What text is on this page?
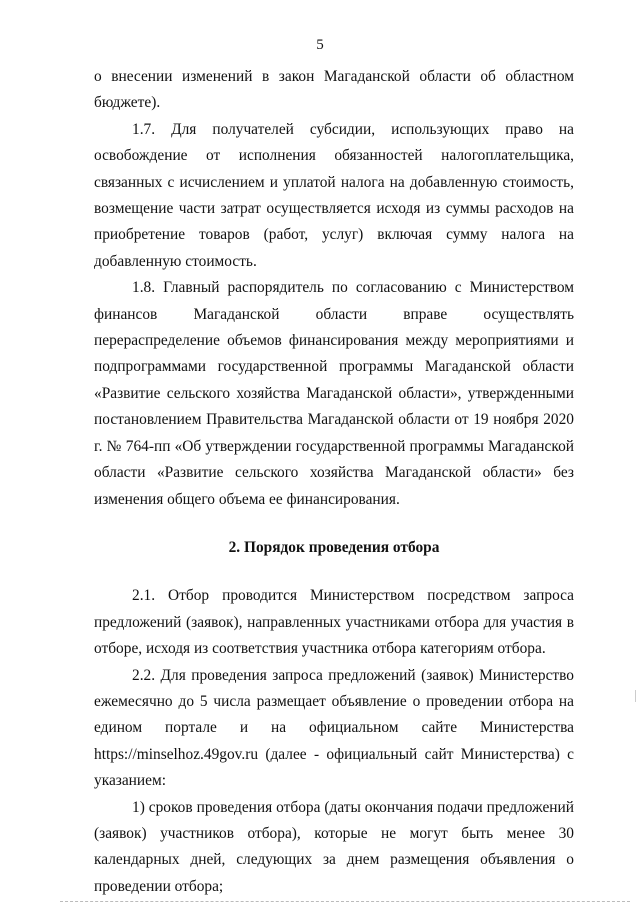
5

о внесении изменений в закон Магаданской области об областном бюджете).

1.7. Для получателей субсидии, использующих право на освобождение от исполнения обязанностей налогоплательщика, связанных с исчислением и уплатой налога на добавленную стоимость, возмещение части затрат осуществляется исходя из суммы расходов на приобретение товаров (работ, услуг) включая сумму налога на добавленную стоимость.

1.8. Главный распорядитель по согласованию с Министерством финансов Магаданской области вправе осуществлять перераспределение объемов финансирования между мероприятиями и подпрограммами государственной программы Магаданской области «Развитие сельского хозяйства Магаданской области», утвержденными постановлением Правительства Магаданской области от 19 ноября 2020 г. № 764-пп «Об утверждении государственной программы Магаданской области «Развитие сельского хозяйства Магаданской области» без изменения общего объема ее финансирования.

2. Порядок проведения отбора

2.1. Отбор проводится Министерством посредством запроса предложений (заявок), направленных участниками отбора для участия в отборе, исходя из соответствия участника отбора категориям отбора.

2.2. Для проведения запроса предложений (заявок) Министерство ежемесячно до 5 числа размещает объявление о проведении отбора на едином портале и на официальном сайте Министерства https://minselhoz.49gov.ru (далее - официальный сайт Министерства) с указанием:

1) сроков проведения отбора (даты окончания подачи предложений (заявок) участников отбора), которые не могут быть менее 30 календарных дней, следующих за днем размещения объявления о проведении отбора;
